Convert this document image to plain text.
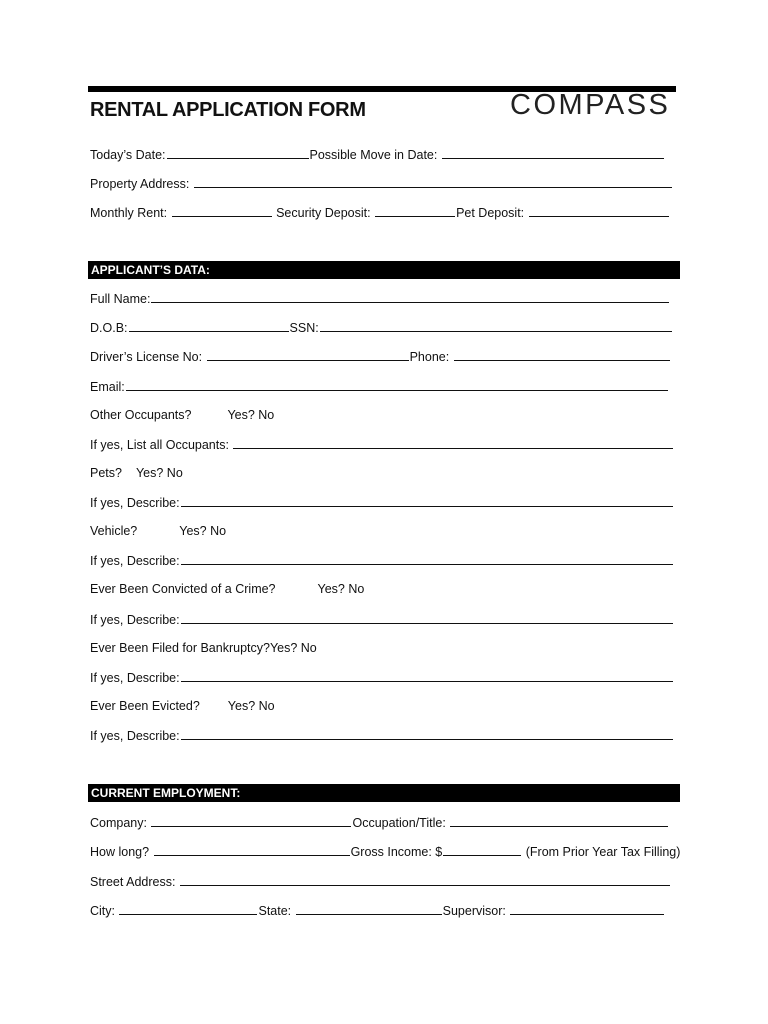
RENTAL APPLICATION FORM	COMPASS
Today’s Date:	Possible Move in Date:
Property Address:
Monthly Rent:	Security Deposit:	Pet Deposit:
APPLICANT’S DATA:
Full Name:
D.O.B:	SSN:
Driver’s License No:	Phone:
Email:
Other Occupants?	Yes? No
If yes, List all Occupants:
Pets? Yes? No
If yes, Describe:
Vehicle?	Yes? No
If yes, Describe:
Ever Been Convicted of a Crime?	Yes? No
If yes, Describe:
Ever Been Filed for Bankruptcy?Yes? No
If yes, Describe:
Ever Been Evicted? Yes? No
If yes, Describe:
CURRENT EMPLOYMENT:
Company:	Occupation/Title:
How long?	Gross Income: $	(From Prior Year Tax Filling)
Street Address:
City:	State:	Supervisor:
